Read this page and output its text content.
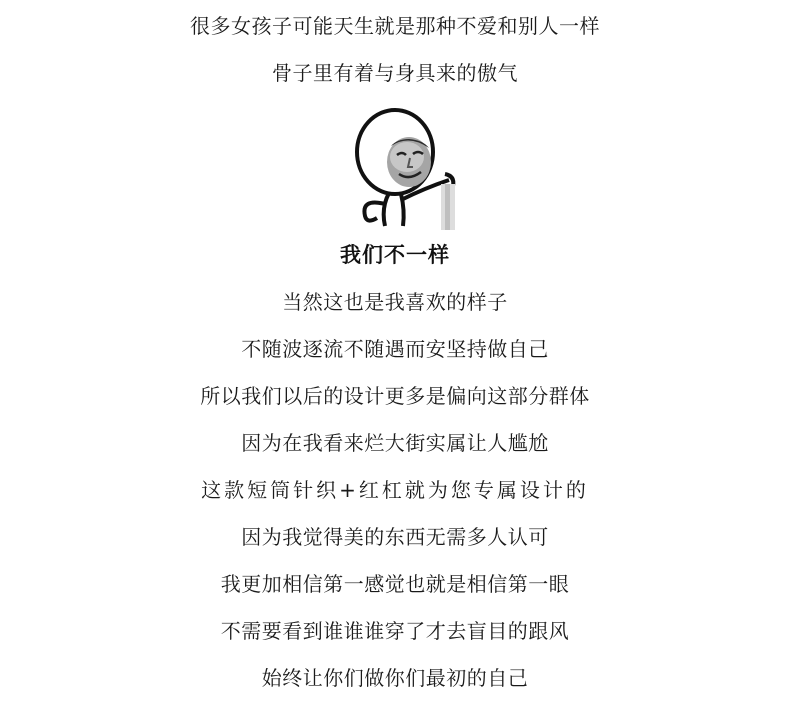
很多女孩子可能天生就是那种不爱和别人一样
骨子里有着与身具来的傲气
我们不一样
当然这也是我喜欢的样子
不随波逐流不随遇而安坚持做自己
所以我们以后的设计更多是偏向这部分群体
因为在我看来烂大街实属让人尴尬
这款短筒针织+红杠就为您专属设计的
因为我觉得美的东西无需多人认可
我更加相信第一感觉也就是相信第一眼
不需要看到谁谁谁穿了才去盲目的跟风
始终让你们做你们最初的自己
